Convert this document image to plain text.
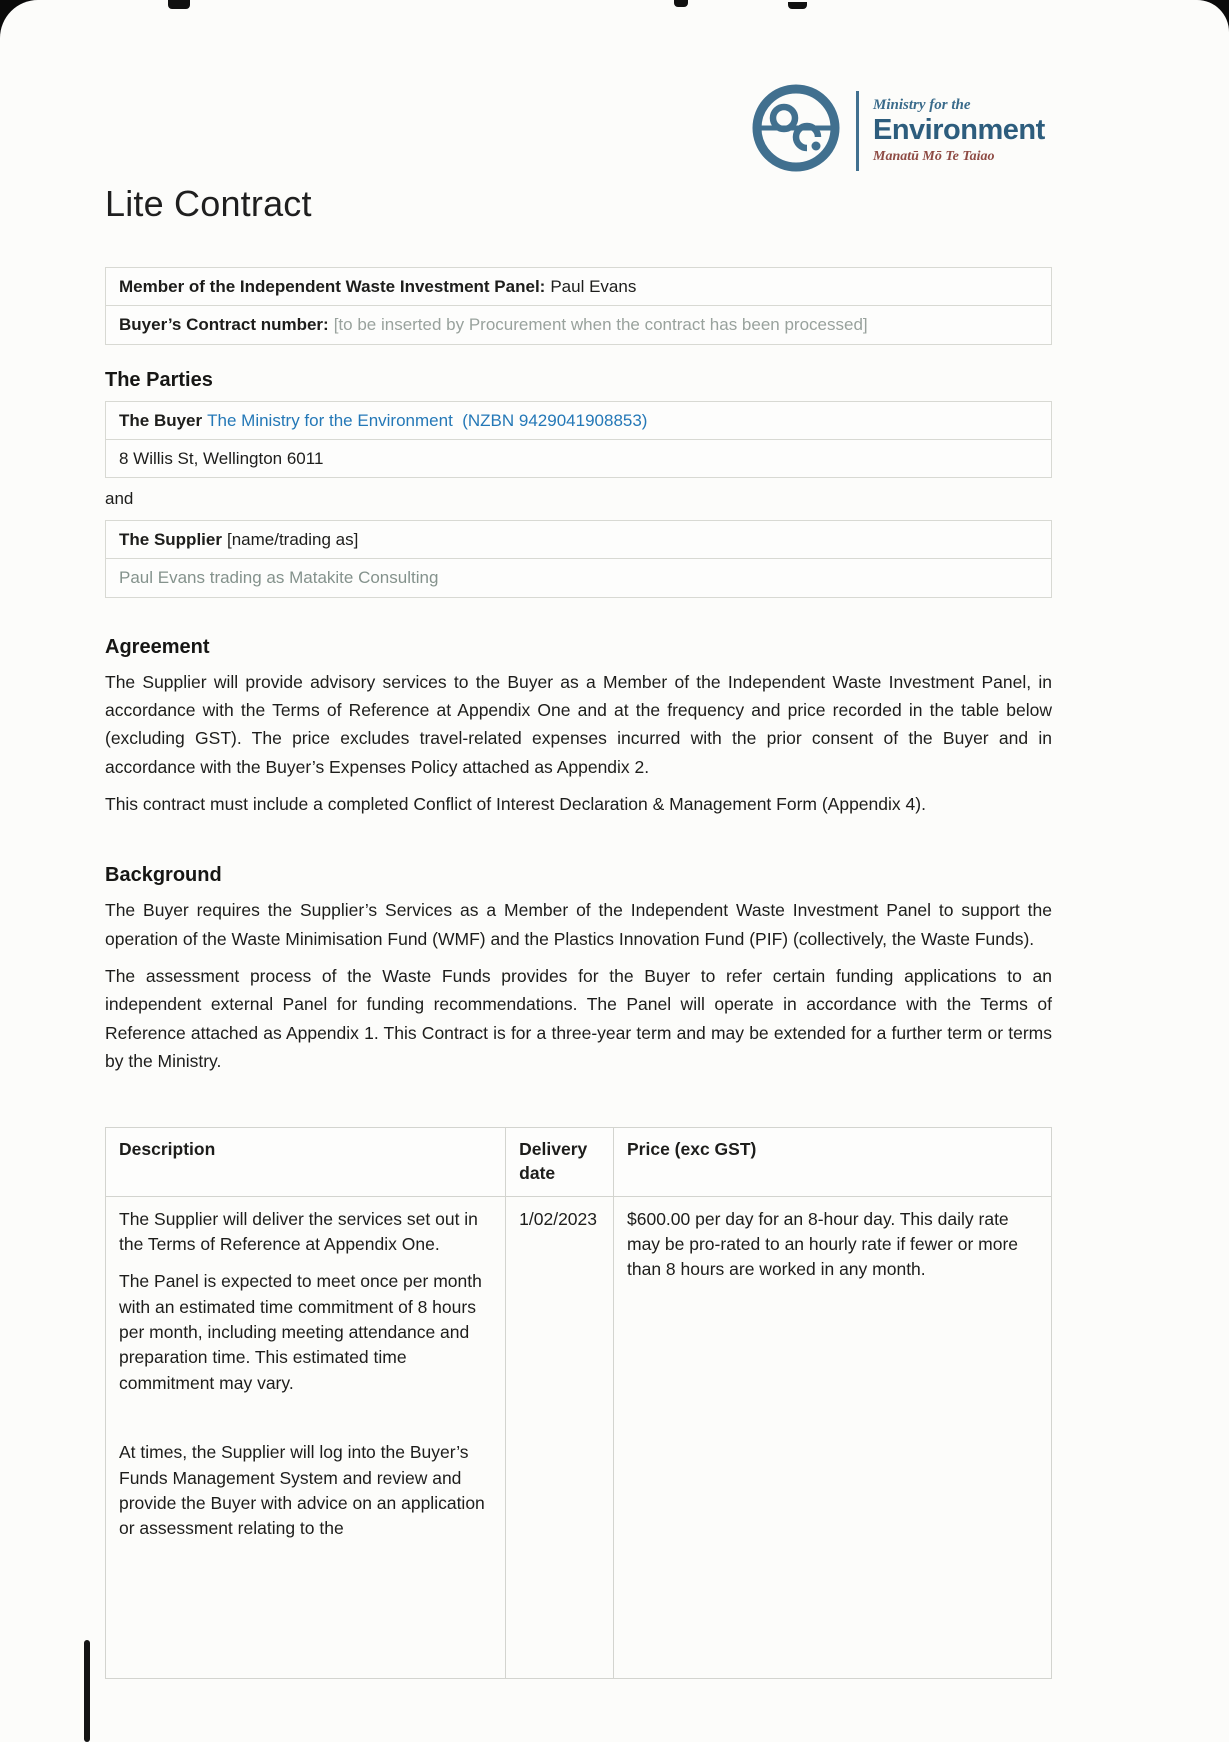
Ministry for the
Environment
Manatū Mō Te Taiao
Lite Contract
Member of the Independent Waste Investment Panel: Paul Evans
Buyer’s Contract number: [to be inserted by Procurement when the contract has been processed]
The Parties
The Buyer The Ministry for the Environment  (NZBN 9429041908853)
8 Willis St, Wellington 6011
and
The Supplier [name/trading as]
Paul Evans trading as Matakite Consulting
Agreement

The Supplier will provide advisory services to the Buyer as a Member of the Independent Waste Investment Panel, in accordance with the Terms of Reference at Appendix One and at the frequency and price recorded in the table below (excluding GST). The price excludes travel-related expenses incurred with the prior consent of the Buyer and in accordance with the Buyer’s Expenses Policy attached as Appendix 2.

This contract must include a completed Conflict of Interest Declaration & Management Form (Appendix 4).

Background

The Buyer requires the Supplier’s Services as a Member of the Independent Waste Investment Panel to support the operation of the Waste Minimisation Fund (WMF) and the Plastics Innovation Fund (PIF) (collectively, the Waste Funds).

The assessment process of the Waste Funds provides for the Buyer to refer certain funding applications to an independent external Panel for funding recommendations. The Panel will operate in accordance with the Terms of Reference attached as Appendix 1. This Contract is for a three-year term and may be extended for a further term or terms by the Ministry.

Description	Delivery date	Price (exc GST)

The Supplier will deliver the services set out in the Terms of Reference at Appendix One.
The Panel is expected to meet once per month with an estimated time commitment of 8 hours per month, including meeting attendance and preparation time. This estimated time commitment may vary.
At times, the Supplier will log into the Buyer’s Funds Management System and review and provide the Buyer with advice on an application or assessment relating to the	1/02/2023	$600.00 per day for an 8-hour day. This daily rate may be pro-rated to an hourly rate if fewer or more than 8 hours are worked in any month.
